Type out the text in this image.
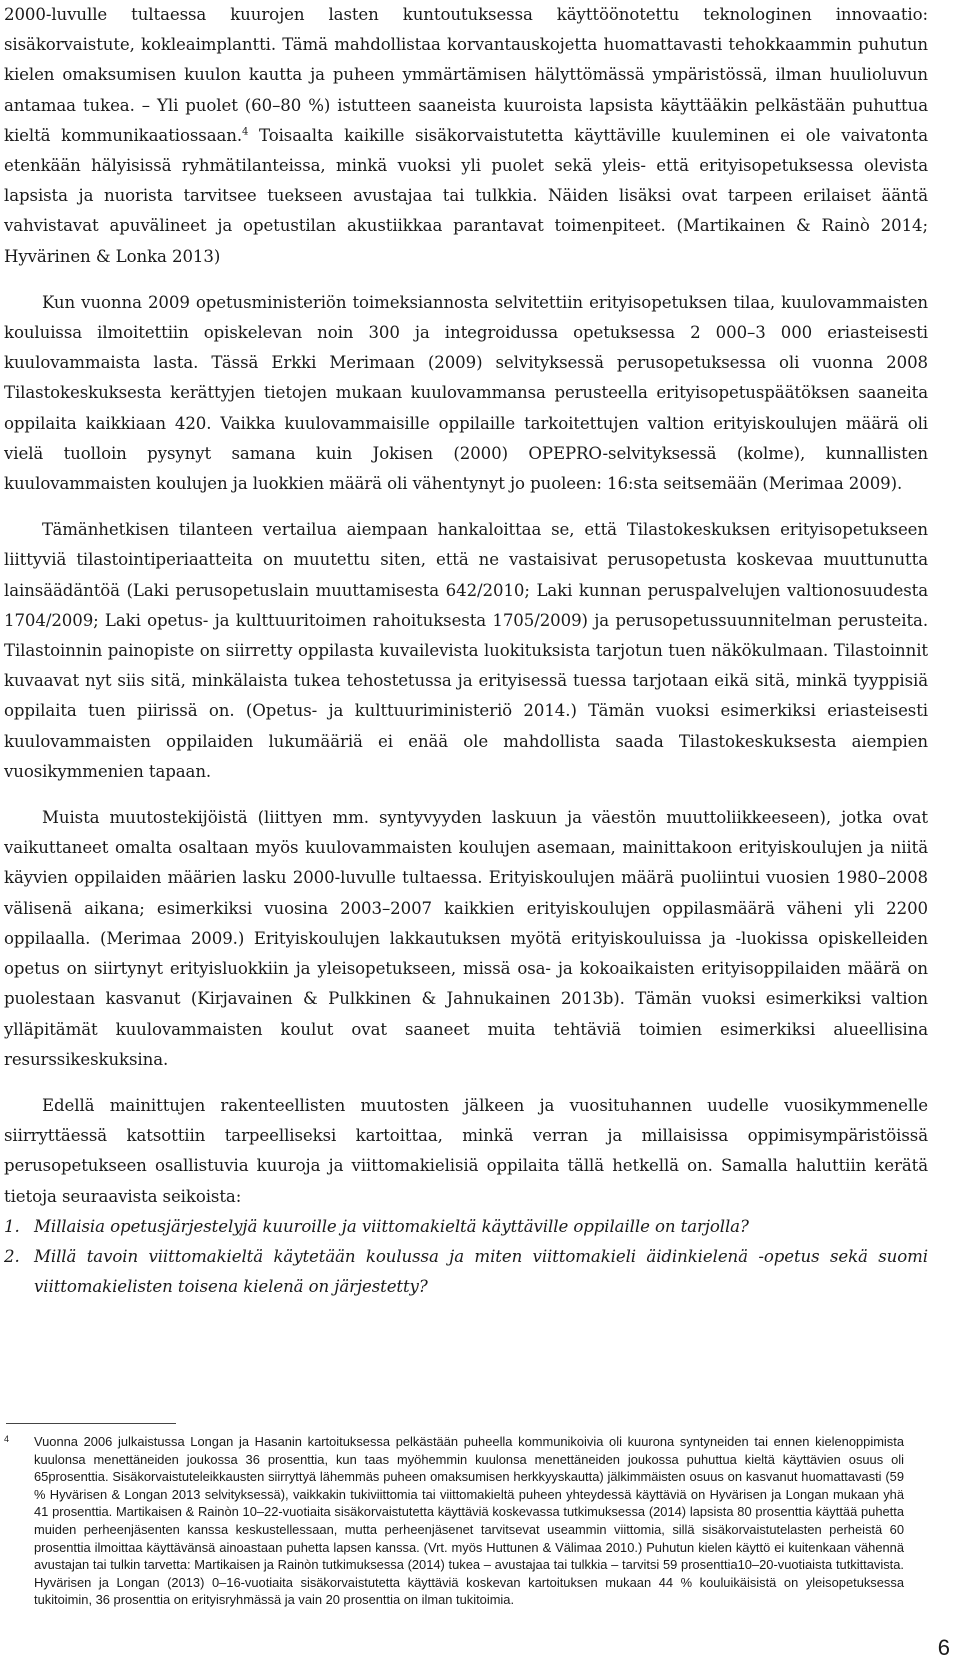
2000-luvulle tultaessa kuurojen lasten kuntoutuksessa käyttöönotettu teknologinen innovaatio: sisäkorvaistute, kokleaimplantti. Tämä mahdollistaa korvantauskojetta huomattavasti tehokkaammin puhutun kielen omaksumisen kuulon kautta ja puheen ymmärtämisen hälyttömässä ympäristössä, ilman huulioluvun antamaa tukea. – Yli puolet (60–80 %) istutteen saaneista kuuroista lapsista käyttääkin pelkästään puhuttua kieltä kommunikaatiossaan.$^4$ Toisaalta kaikille sisäkorvaistutetta käyttäville kuuleminen ei ole vaivatonta etenkään hälyisissä ryhmätilanteissa, minkä vuoksi yli puolet sekä yleis- että erityisopetuksessa olevista lapsista ja nuorista tarvitsee tuekseen avustajaa tai tulkkia. Näiden lisäksi ovat tarpeen erilaiset ääntä vahvistavat apuvälineet ja opetustilan akustiikkaa parantavat toimenpiteet. (Martikainen & Rainò 2014; Hyvärinen & Lonka 2013)

Kun vuonna 2009 opetusministeriön toimeksiannosta selvitettiin erityisopetuksen tilaa, kuulovammaisten kouluissa ilmoitettiin opiskelevan noin 300 ja integroidussa opetuksessa 2 000–3 000 eriasteisesti kuulovammaista lasta. Tässä Erkki Merimaan (2009) selvityksessä perusopetuksessa oli vuonna 2008 Tilastokeskuksesta kerättyjen tietojen mukaan kuulovammansa perusteella erityisopetuspäätöksen saaneita oppilaita kaikkiaan 420. Vaikka kuulovammaisille oppilaille tarkoitettujen valtion erityiskoulujen määrä oli vielä tuolloin pysynyt samana kuin Jokisen (2000) OPEPRO-selvityksessä (kolme), kunnallisten kuulovammaisten koulujen ja luokkien määrä oli vähentynyt jo puoleen: 16:sta seitsemään (Merimaa 2009).

Tämänhetkisen tilanteen vertailua aiempaan hankaloittaa se, että Tilastokeskuksen erityisopetukseen liittyviä tilastointiperiaatteita on muutettu siten, että ne vastaisivat perusopetusta koskevaa muuttunutta lainsäädäntöä (Laki perusopetuslain muuttamisesta 642/2010; Laki kunnan peruspalvelujen valtionosuudesta 1704/2009; Laki opetus- ja kulttuuritoimen rahoituksesta 1705/2009) ja perusopetussuunnitelman perusteita. Tilastoinnin painopiste on siirretty oppilasta kuvailevista luokituksista tarjotun tuen näkökulmaan. Tilastoinnit kuvaavat nyt siis sitä, minkälaista tukea tehostetussa ja erityisessä tuessa tarjotaan eikä sitä, minkä tyyppisiä oppilaita tuen piirissä on. (Opetus- ja kulttuuriministeriö 2014.) Tämän vuoksi esimerkiksi eriasteisesti kuulovammaisten oppilaiden lukumääriä ei enää ole mahdollista saada Tilastokeskuksesta aiempien vuosikymmenien tapaan.

Muista muutostekijöistä (liittyen mm. syntyvyyden laskuun ja väestön muuttoliikkeeseen), jotka ovat vaikuttaneet omalta osaltaan myös kuulovammaisten koulujen asemaan, mainittakoon erityiskoulujen ja niitä käyvien oppilaiden määrien lasku 2000-luvulle tultaessa. Erityiskoulujen määrä puoliintui vuosien 1980–2008 välisenä aikana; esimerkiksi vuosina 2003–2007 kaikkien erityiskoulujen oppilasmäärä väheni yli 2200 oppilaalla. (Merimaa 2009.) Erityiskoulujen lakkautuksen myötä erityiskouluissa ja -luokissa opiskelleiden opetus on siirtynyt erityisluokkiin ja yleisopetukseen, missä osa- ja kokoaikaisten erityisoppilaiden määrä on puolestaan kasvanut (Kirjavainen & Pulkkinen & Jahnukainen 2013b). Tämän vuoksi esimerkiksi valtion ylläpitämät kuulovammaisten koulut ovat saaneet muita tehtäviä toimien esimerkiksi alueellisina resurssikeskuksina.

Edellä mainittujen rakenteellisten muutosten jälkeen ja vuosituhannen uudelle vuosikymmenelle siirryttäessä katsottiin tarpeelliseksi kartoittaa, minkä verran ja millaisissa oppimisympäristöissä perusopetukseen osallistuvia kuuroja ja viittomakielisiä oppilaita tällä hetkellä on. Samalla haluttiin kerätä tietoja seuraavista seikoista:

1. Millaisia opetusjärjestelyjä kuuroille ja viittomakieltä käyttäville oppilaille on tarjolla?
2. Millä tavoin viittomakieltä käytetään koulussa ja miten viittomakieli äidinkielenä -opetus sekä suomi viittomakielisten toisena kielenä on järjestetty?
4	Vuonna 2006 julkaistussa Longan ja Hasanin kartoituksessa pelkästään puheella kommunikoivia oli kuurona syntyneiden tai ennen kielenoppimista kuulonsa menettäneiden joukossa 36 prosenttia, kun taas myöhemmin kuulonsa menettäneiden joukossa puhuttua kieltä käyttävien osuus oli 65prosenttia. Sisäkorvaistuteleikkausten siirryttyä lähemmäs puheen omaksumisen herkkyyskautta) jälkimmäisten osuus on kasvanut huomattavasti (59 % Hyvärisen & Longan 2013 selvityksessä), vaikkakin tukiviittomia tai viittomakieltä puheen yhteydessä käyttäviä on Hyvärisen ja Longan mukaan yhä 41 prosenttia. Martikaisen & Rainòn 10–22-vuotiaita sisäkorvaistutetta käyttäviä koskevassa tutkimuksessa (2014) lapsista 80 prosenttia käyttää puhetta muiden perheenjäsenten kanssa keskustellessaan, mutta perheenjäsenet tarvitsevat useammin viittomia, sillä sisäkorvaistutelasten perheistä 60 prosenttia ilmoittaa käyttävänsä ainoastaan puhetta lapsen kanssa. (Vrt. myös Huttunen & Välimaa 2010.) Puhutun kielen käyttö ei kuitenkaan vähennä avustajan tai tulkin tarvetta: Martikaisen ja Rainòn tutkimuksessa (2014) tukea – avustajaa tai tulkkia – tarvitsi 59 prosenttia10–20-vuotiaista tutkittavista. Hyvärisen ja Longan (2013) 0–16-vuotiaita sisäkorvaistutetta käyttäviä koskevan kartoituksen mukaan 44 % kouluikäisistä on yleisopetuksessa tukitoimin, 36 prosenttia on erityisryhmässä ja vain 20 prosenttia on ilman tukitoimia.
6
